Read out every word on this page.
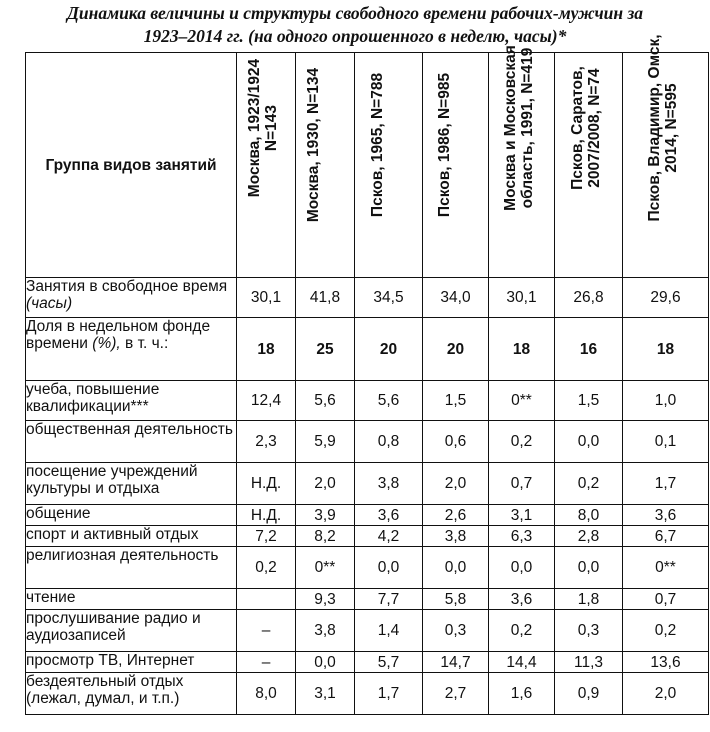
Динамика величины и структуры свободного времени рабочих-мужчин за
1923–2014 гг. (на одного опрошенного в неделю, часы)*
Группа видов занятий	Москва, 1923/1924
N=143	Москва, 1930, N=134	Псков, 1965, N=788	Псков, 1986, N=985	Москва и Московская
область, 1991, N=419	Псков, Саратов,
2007/2008, N=74	Псков, Владимир, Омск,
2014, N=595

Занятия в свободное время (часы)	30,1	41,8	34,5	34,0	30,1	26,8	29,6
Доля в недельном фонде времени (%), в т. ч.:	18	25	20	20	18	16	18
учеба, повышение квалификации***	12,4	5,6	5,6	1,5	0**	1,5	1,0
общественная деятельность	2,3	5,9	0,8	0,6	0,2	0,0	0,1
посещение учреждений культуры и отдыха	Н.Д.	2,0	3,8	2,0	0,7	0,2	1,7
общение	Н.Д.	3,9	3,6	2,6	3,1	8,0	3,6
спорт и активный отдых	7,2	8,2	4,2	3,8	6,3	2,8	6,7
религиозная деятельность	0,2	0**	0,0	0,0	0,0	0,0	0**
чтение		9,3	7,7	5,8	3,6	1,8	0,7
прослушивание радио и аудиозаписей	–	3,8	1,4	0,3	0,2	0,3	0,2
просмотр ТВ, Интернет	–	0,0	5,7	14,7	14,4	11,3	13,6
бездеятельный отдых (лежал, думал, и т.п.)	8,0	3,1	1,7	2,7	1,6	0,9	2,0
